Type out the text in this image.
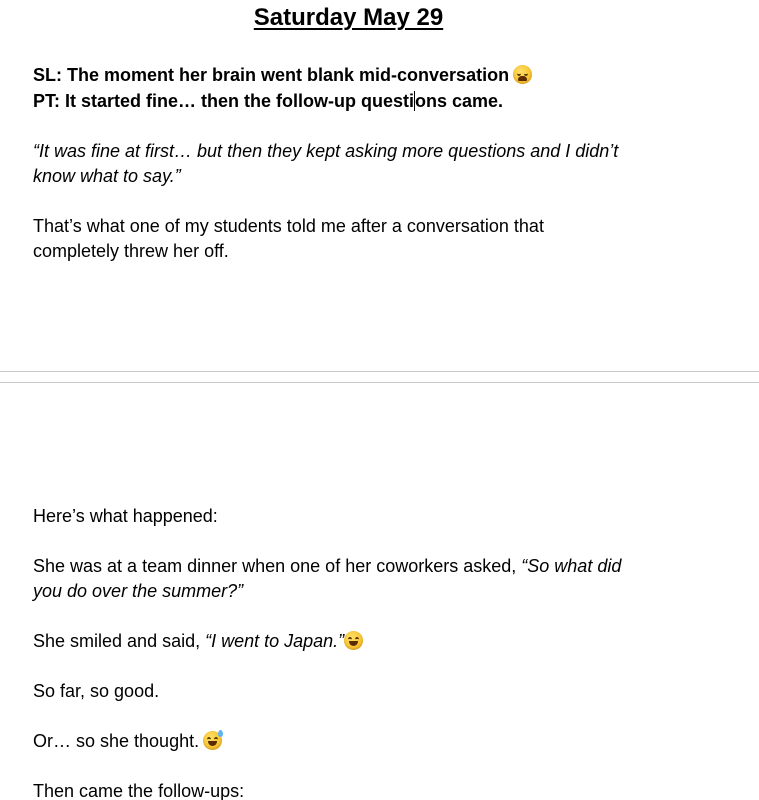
Saturday May 29
SL: The moment her brain went blank mid-conversation
PT: It started fine… then the follow-up questions came.
“It was fine at first… but then they kept asking more questions and I didn’t
know what to say.”
That’s what one of my students told me after a conversation that
completely threw her off.
Here’s what happened:
She was at a team dinner when one of her coworkers asked, “So what did
you do over the summer?”
She smiled and said, “I went to Japan.”
So far, so good.
Or… so she thought.
Then came the follow-ups:
